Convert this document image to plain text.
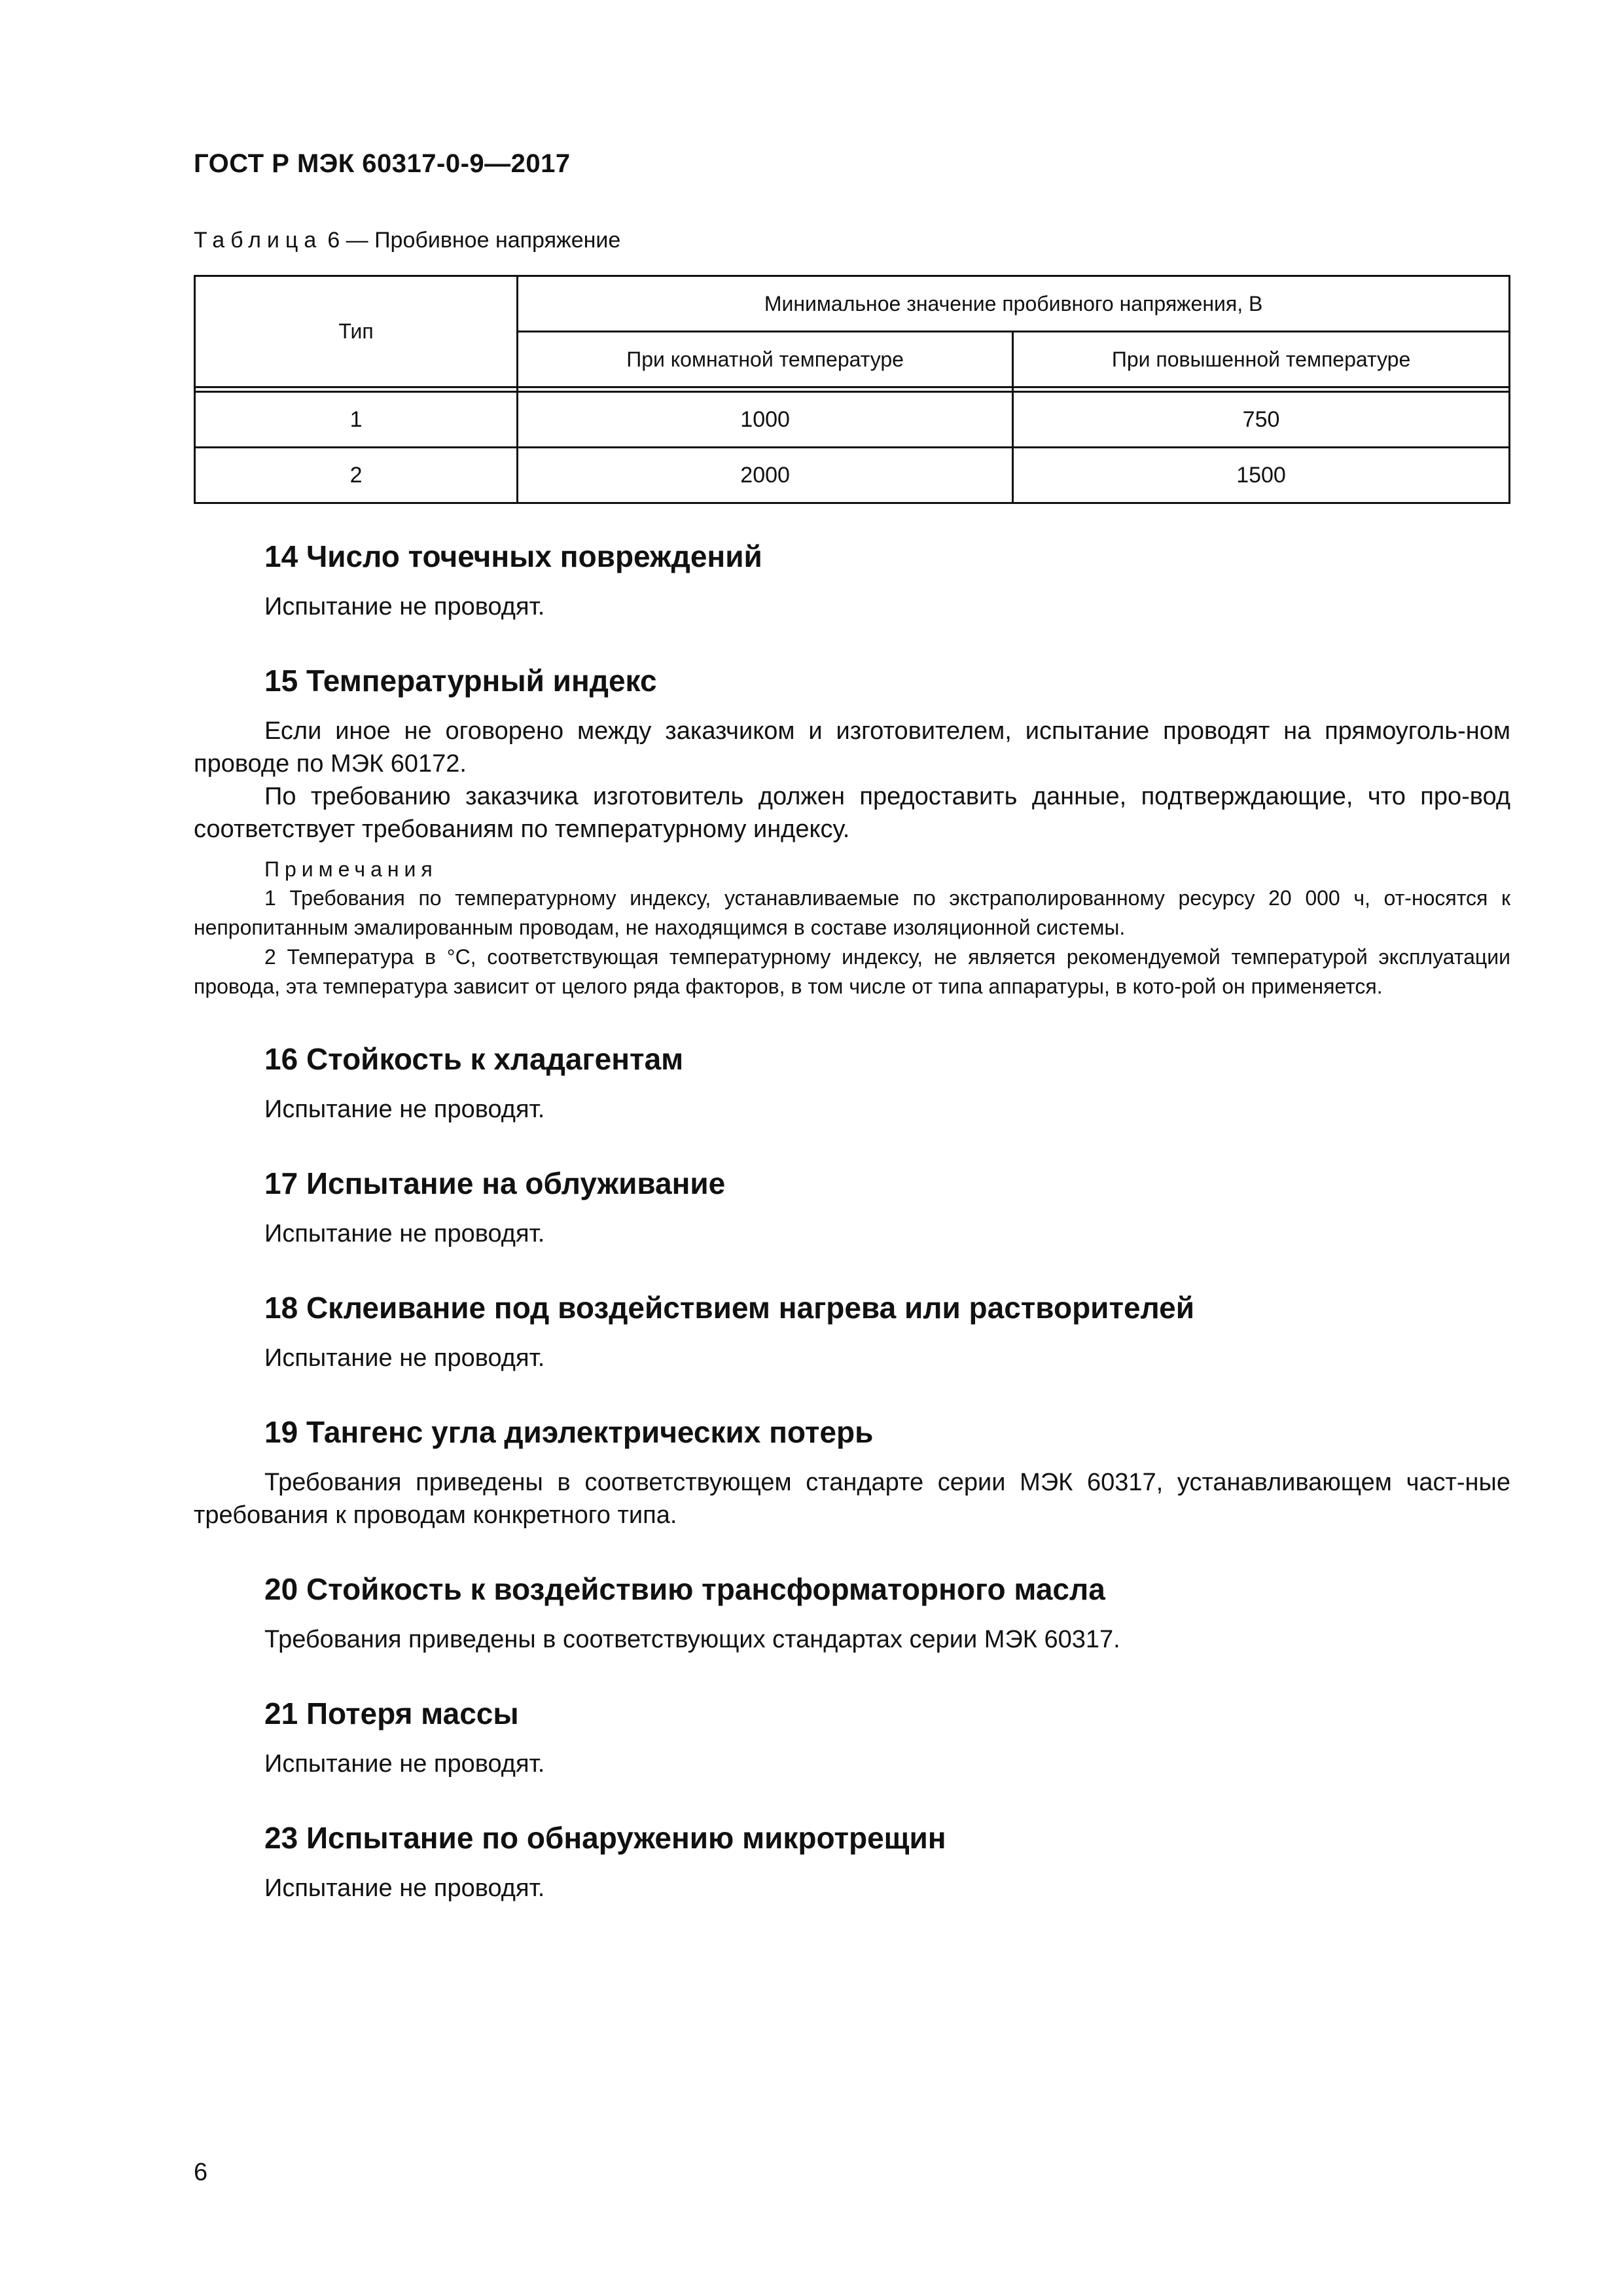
ГОСТ Р МЭК 60317-0-9—2017
Таблица 6 — Пробивное напряжение
Тип	Минимальное значение пробивного напряжения, В	
	При комнатной температуре	При повышенной температуре

1	1000	750
2	2000	1500
14 Число точечных повреждений
Испытание не проводят.
15 Температурный индекс

Если иное не оговорено между заказчиком и изготовителем, испытание проводят на прямоуголь-ном проводе по МЭК 60172.

По требованию заказчика изготовитель должен предоставить данные, подтверждающие, что про-вод соответствует требованиям по температурному индексу.

Примечания

1 Требования по температурному индексу, устанавливаемые по экстраполированному ресурсу 20 000 ч, от-носятся к непропитанным эмалированным проводам, не находящимся в составе изоляционной системы.

2 Температура в °С, соответствующая температурному индексу, не является рекомендуемой температурой эксплуатации провода, эта температура зависит от целого ряда факторов, в том числе от типа аппаратуры, в кото-рой он применяется.

16 Стойкость к хладагентам
Испытание не проводят.
17 Испытание на облуживание
Испытание не проводят.
18 Склеивание под воздействием нагрева или растворителей
Испытание не проводят.
19 Тангенс угла диэлектрических потерь

Требования приведены в соответствующем стандарте серии МЭК 60317, устанавливающем част-ные требования к проводам конкретного типа.

20 Стойкость к воздействию трансформаторного масла
Требования приведены в соответствующих стандартах серии МЭК 60317.
21 Потеря массы
Испытание не проводят.
23 Испытание по обнаружению микротрещин
Испытание не проводят.
6
